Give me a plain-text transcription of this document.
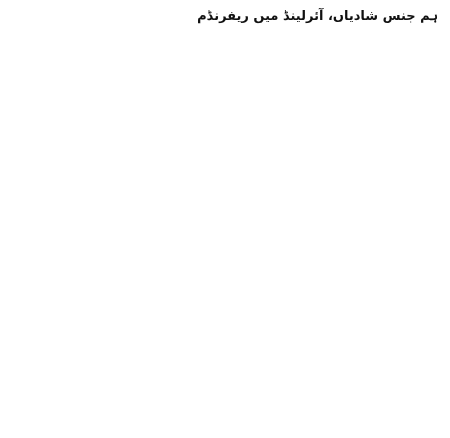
ہم جنس شادیاں، آئرلینڈ میں ریفرنڈم
